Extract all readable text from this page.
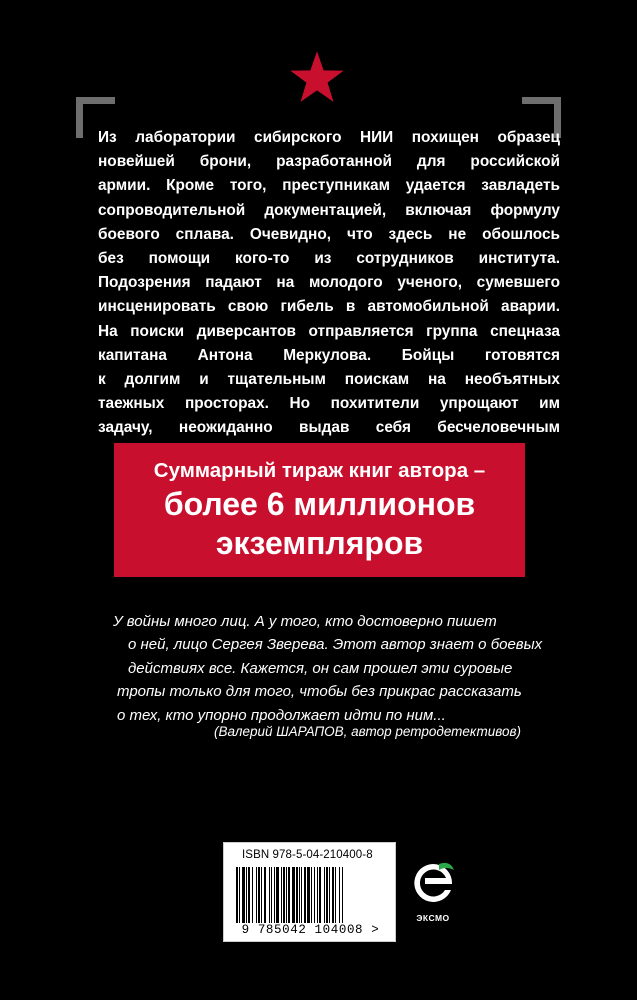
Из лаборатории сибирского НИИ похищен образец
новейшей брони, разработанной для российской
армии. Кроме того, преступникам удается завладеть
сопроводительной документацией, включая формулу
боевого сплава. Очевидно, что здесь не обошлось
без помощи кого-то из сотрудников института.
Подозрения падают на молодого ученого, сумевшего
инсценировать свою гибель в автомобильной аварии.
На поиски диверсантов отправляется группа спецназа
капитана Антона Меркулова. Бойцы готовятся
к долгим и тщательным поискам на необъятных
таежных просторах. Но похитители упрощают им
задачу, неожиданно выдав себя бесчеловечным
Суммарный тираж книг автора –
более 6 миллионов
экземпляров
У войны много лиц. А у того, кто достоверно пишет
о ней, лицо Сергея Зверева. Этот автор знает о боевых
действиях все. Кажется, он сам прошел эти суровые
тропы только для того, чтобы без прикрас рассказать
о тех, кто упорно продолжает идти по ним...
(Валерий ШАРАПОВ, автор ретродетективов)
ISBN 978-5-04-210400-8
9 785042 104008 >
ЭКСМО
